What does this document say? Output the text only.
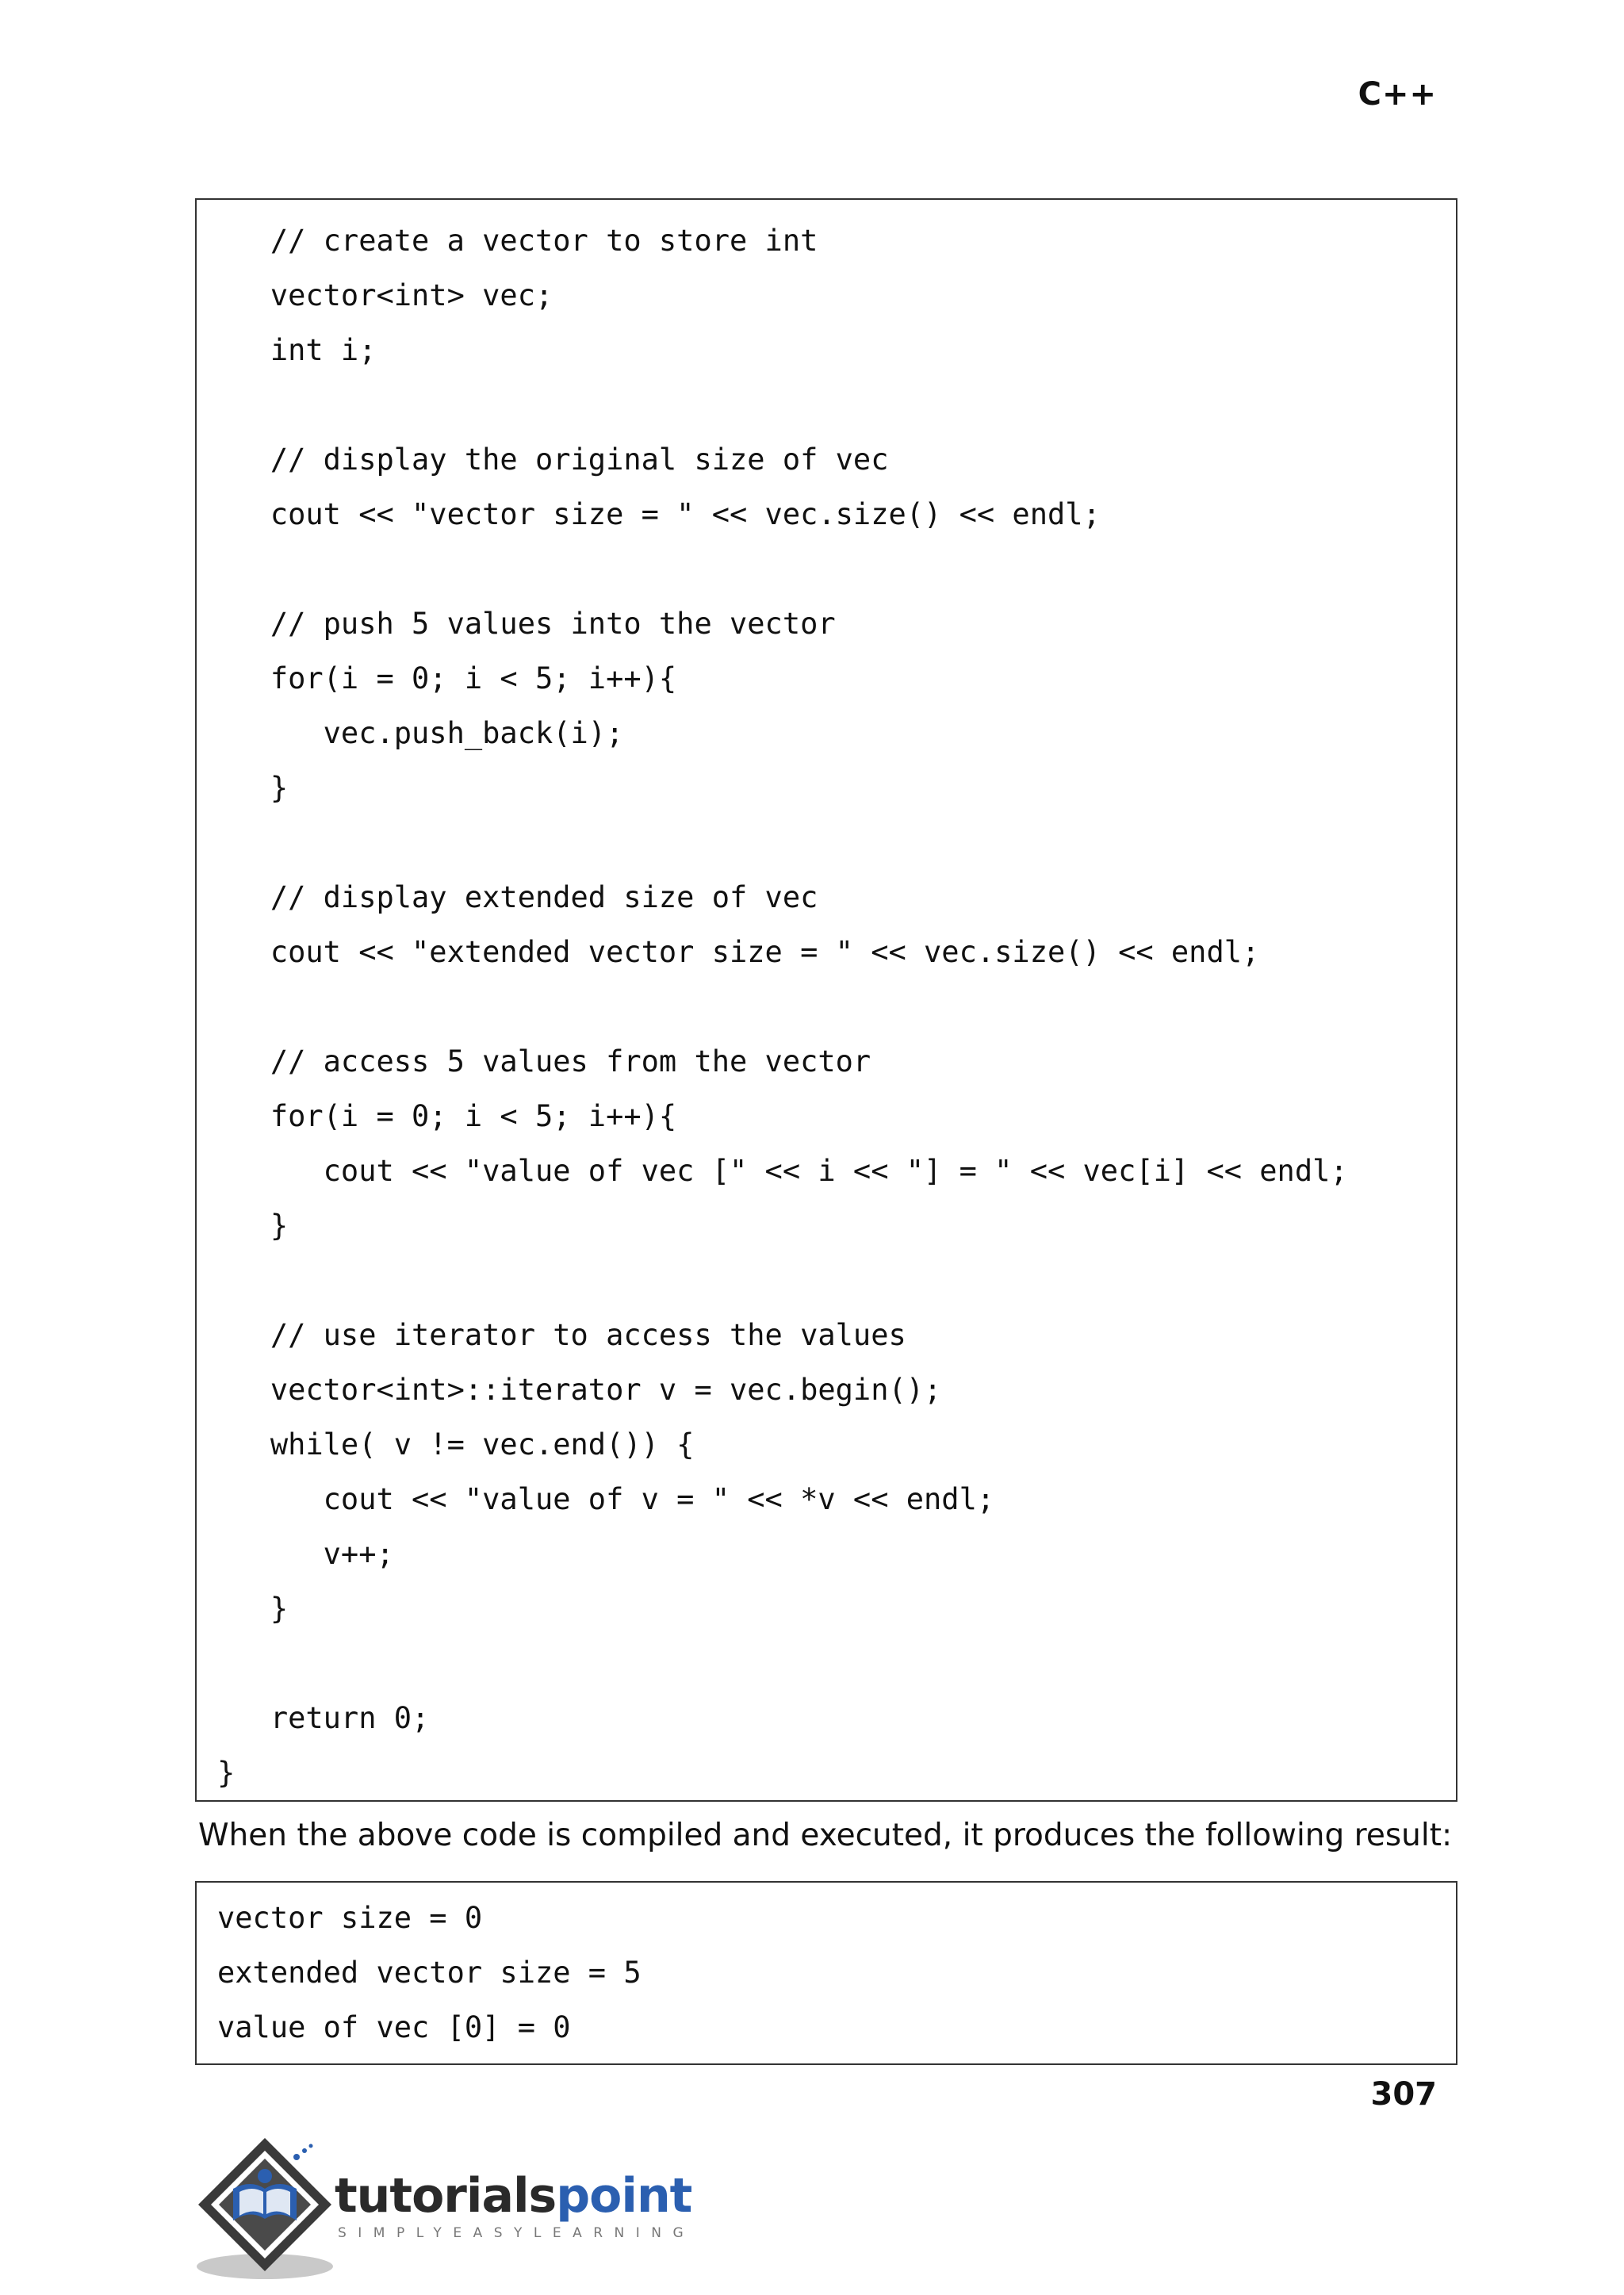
C++
// create a vector to store int
vector<int> vec;
int i;
// display the original size of vec
cout << "vector size = " << vec.size() << endl;
// push 5 values into the vector
for(i = 0; i < 5; i++){
vec.push_back(i);
}
// display extended size of vec
cout << "extended vector size = " << vec.size() << endl;
// access 5 values from the vector
for(i = 0; i < 5; i++){
cout << "value of vec [" << i << "] = " << vec[i] << endl;
}
// use iterator to access the values
vector<int>::iterator v = vec.begin();
while( v != vec.end()) {
cout << "value of v = " << *v << endl;
v++;
}
return 0;
}
When the above code is compiled and executed, it produces the following result:
vector size = 0
extended vector size = 5
value of vec [0] = 0
307
tutorialspoint
SIMPLYEASYLEARNING
